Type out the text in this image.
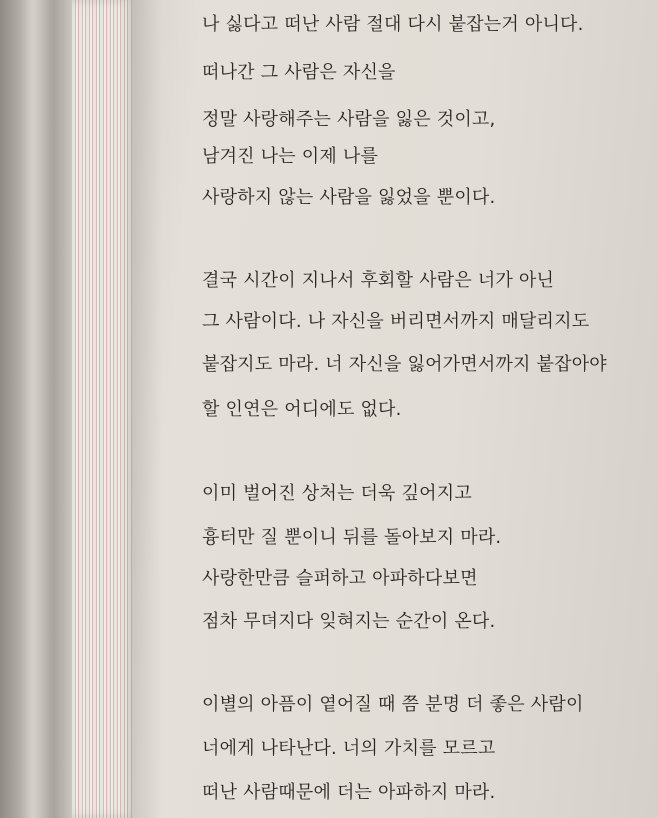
나 싫다고 떠난 사람 절대 다시 붙잡는거 아니다.

떠나간 그 사람은 자신을

정말 사랑해주는 사람을 잃은 것이고,

남겨진 나는 이제 나를

사랑하지 않는 사람을 잃었을 뿐이다.

결국 시간이 지나서 후회할 사람은 너가 아닌

그 사람이다. 나 자신을 버리면서까지 매달리지도

붙잡지도 마라. 너 자신을 잃어가면서까지 붙잡아야

할 인연은 어디에도 없다.

이미 벌어진 상처는 더욱 깊어지고

흉터만 질 뿐이니 뒤를 돌아보지 마라.

사랑한만큼 슬퍼하고 아파하다보면

점차 무뎌지다 잊혀지는 순간이 온다.

이별의 아픔이 옅어질 때 쯤 분명 더 좋은 사람이

너에게 나타난다. 너의 가치를 모르고

떠난 사람때문에 더는 아파하지 마라.
